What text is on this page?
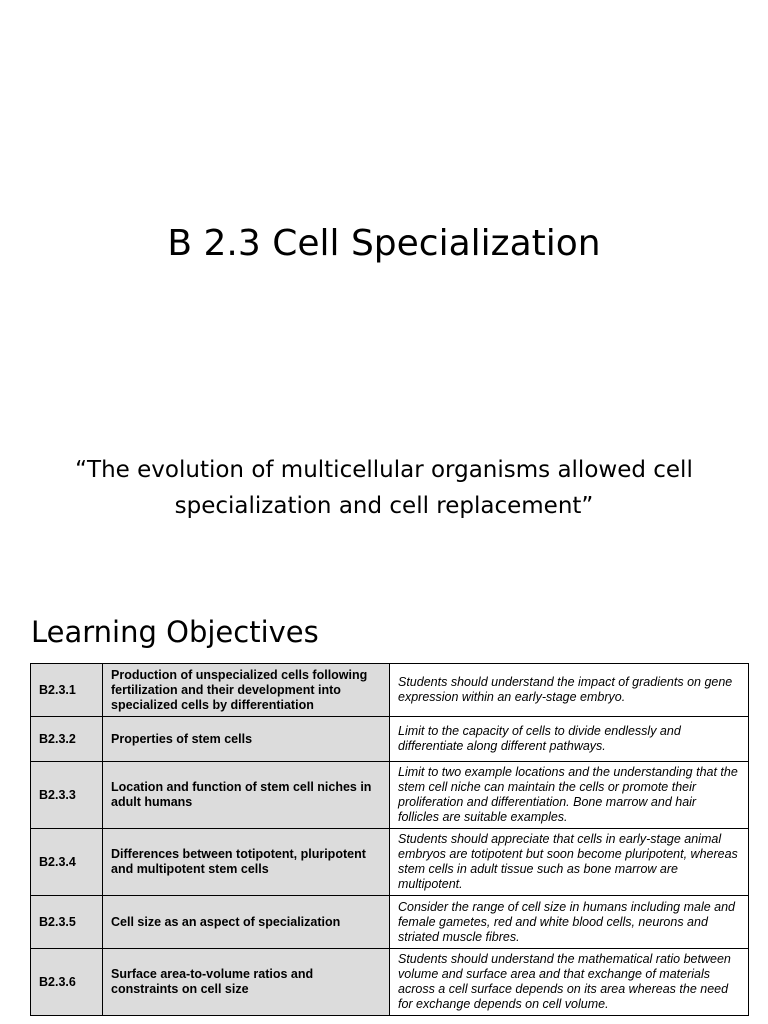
B 2.3 Cell Specialization

“The evolution of multicellular organisms allowed cell specialization and cell replacement”

Learning Objectives
B2.3.1	Production of unspecialized cells following fertilization and their development into specialized cells by differentiation	Students should understand the impact of gradients on gene expression within an early-stage embryo.
B2.3.2	Properties of stem cells	Limit to the capacity of cells to divide endlessly and differentiate along different pathways.
B2.3.3	Location and function of stem cell niches in adult humans	Limit to two example locations and the understanding that the stem cell niche can maintain the cells or promote their proliferation and differentiation. Bone marrow and hair follicles are suitable examples.
B2.3.4	Differences between totipotent, pluripotent and multipotent stem cells	Students should appreciate that cells in early-stage animal embryos are totipotent but soon become pluripotent, whereas stem cells in adult tissue such as bone marrow are multipotent.
B2.3.5	Cell size as an aspect of specialization	Consider the range of cell size in humans including male and female gametes, red and white blood cells, neurons and striated muscle fibres.
B2.3.6	Surface area-to-volume ratios and constraints on cell size	Students should understand the mathematical ratio between volume and surface area and that exchange of materials across a cell surface depends on its area whereas the need for exchange depends on cell volume.
